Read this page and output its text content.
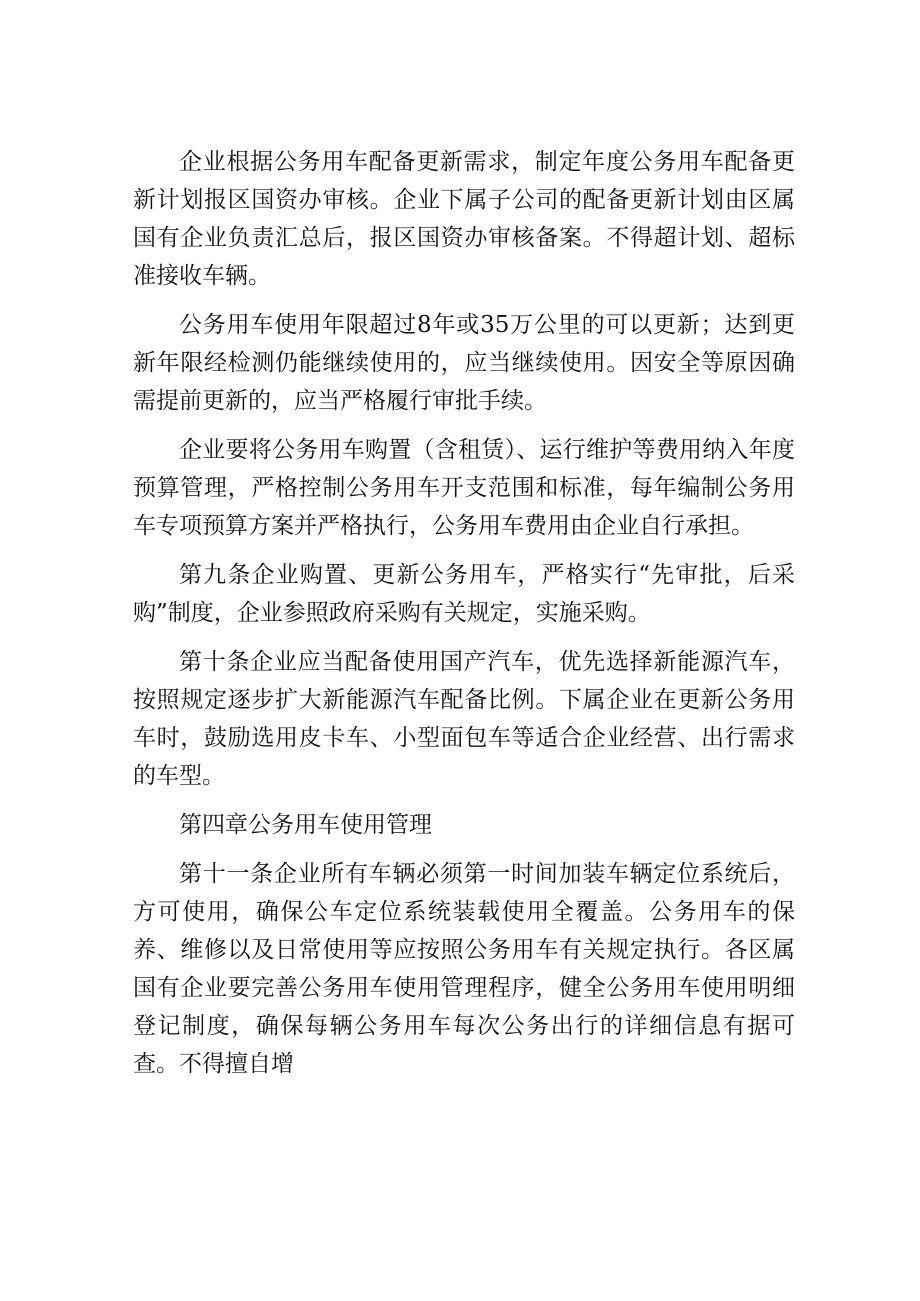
企业根据公务用车配备更新需求，制定年度公务用车配备更新计划报区国资办审核。企业下属子公司的配备更新计划由区属国有企业负责汇总后，报区国资办审核备案。不得超计划、超标准接收车辆。

公务用车使用年限超过8年或35万公里的可以更新；达到更新年限经检测仍能继续使用的，应当继续使用。因安全等原因确需提前更新的，应当严格履行审批手续。

企业要将公务用车购置（含租赁）、运行维护等费用纳入年度预算管理，严格控制公务用车开支范围和标准，每年编制公务用车专项预算方案并严格执行，公务用车费用由企业自行承担。

第九条企业购置、更新公务用车，严格实行“先审批，后采购”制度，企业参照政府采购有关规定，实施采购。

第十条企业应当配备使用国产汽车，优先选择新能源汽车，按照规定逐步扩大新能源汽车配备比例。下属企业在更新公务用车时，鼓励选用皮卡车、小型面包车等适合企业经营、出行需求的车型。

第四章公务用车使用管理

第十一条企业所有车辆必须第一时间加装车辆定位系统后，方可使用，确保公车定位系统装载使用全覆盖。公务用车的保养、维修以及日常使用等应按照公务用车有关规定执行。各区属国有企业要完善公务用车使用管理程序，健全公务用车使用明细登记制度，确保每辆公务用车每次公务出行的详细信息有据可查。不得擅自增
